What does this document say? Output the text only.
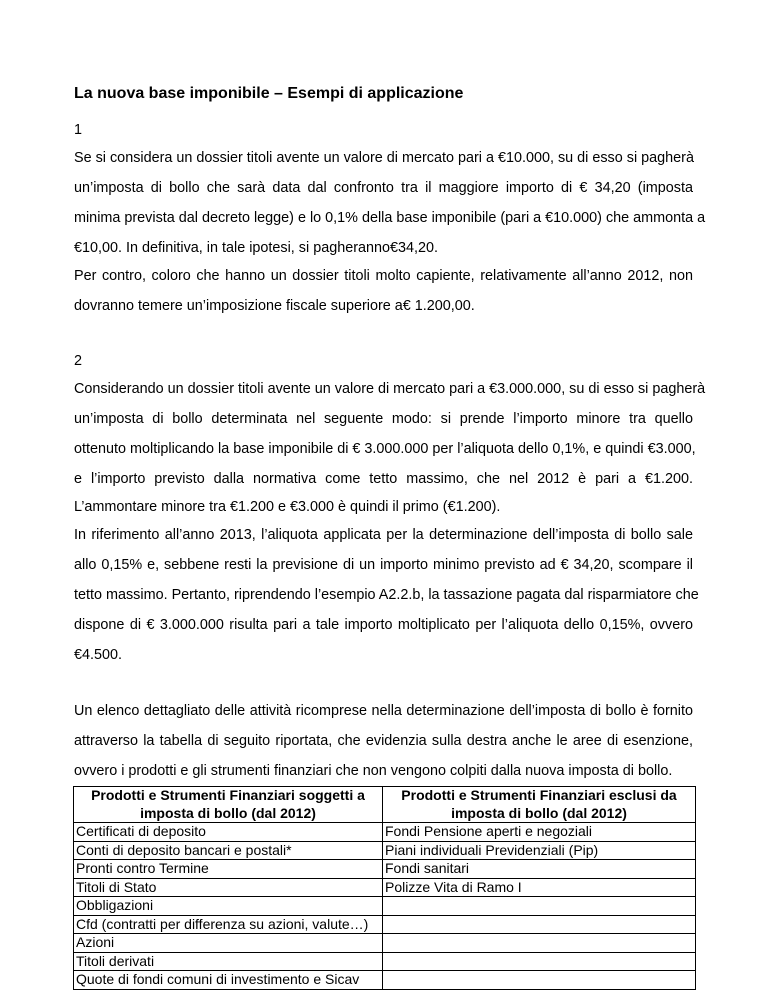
La nuova base imponibile – Esempi di applicazione
1
Se si considera un dossier titoli avente un valore di mercato pari a €10.000, su di esso si pagherà
un’imposta di bollo che sarà data dal confronto tra il maggiore importo di € 34,20 (imposta
minima prevista dal decreto legge) e lo 0,1% della base imponibile (pari a €10.000) che ammonta a
€10,00. In definitiva, in tale ipotesi, si pagheranno€34,20.
Per contro, coloro che hanno un dossier titoli molto capiente, relativamente all’anno 2012, non
dovranno temere un’imposizione fiscale superiore a€ 1.200,00.
2
Considerando un dossier titoli avente un valore di mercato pari a €3.000.000, su di esso si pagherà
un’imposta di bollo determinata nel seguente modo: si prende l’importo minore tra quello
ottenuto moltiplicando la base imponibile di € 3.000.000 per l’aliquota dello 0,1%, e quindi €3.000,
e l’importo previsto dalla normativa come tetto massimo, che nel 2012 è pari a €1.200.
L’ammontare minore tra €1.200 e €3.000 è quindi il primo (€1.200).
In riferimento all’anno 2013, l’aliquota applicata per la determinazione dell’imposta di bollo sale
allo 0,15% e, sebbene resti la previsione di un importo minimo previsto ad € 34,20, scompare il
tetto massimo. Pertanto, riprendendo l’esempio A2.2.b, la tassazione pagata dal risparmiatore che
dispone di € 3.000.000 risulta pari a tale importo moltiplicato per l’aliquota dello 0,15%, ovvero
€4.500.
Un elenco dettagliato delle attività ricomprese nella determinazione dell’imposta di bollo è fornito
attraverso la tabella di seguito riportata, che evidenzia sulla destra anche le aree di esenzione,
ovvero i prodotti e gli strumenti finanziari che non vengono colpiti dalla nuova imposta di bollo.
Prodotti e Strumenti Finanziari soggetti a imposta di bollo (dal 2012)	Prodotti e Strumenti Finanziari esclusi da imposta di bollo (dal 2012)
Certificati di deposito	Fondi Pensione aperti e negoziali
Conti di deposito bancari e postali*	Piani individuali Previdenziali (Pip)
Pronti contro Termine	Fondi sanitari
Titoli di Stato	Polizze Vita di Ramo I
Obbligazioni	
Cfd (contratti per differenza su azioni, valute…)	
Azioni	
Titoli derivati	
Quote di fondi comuni di investimento e Sicav	
